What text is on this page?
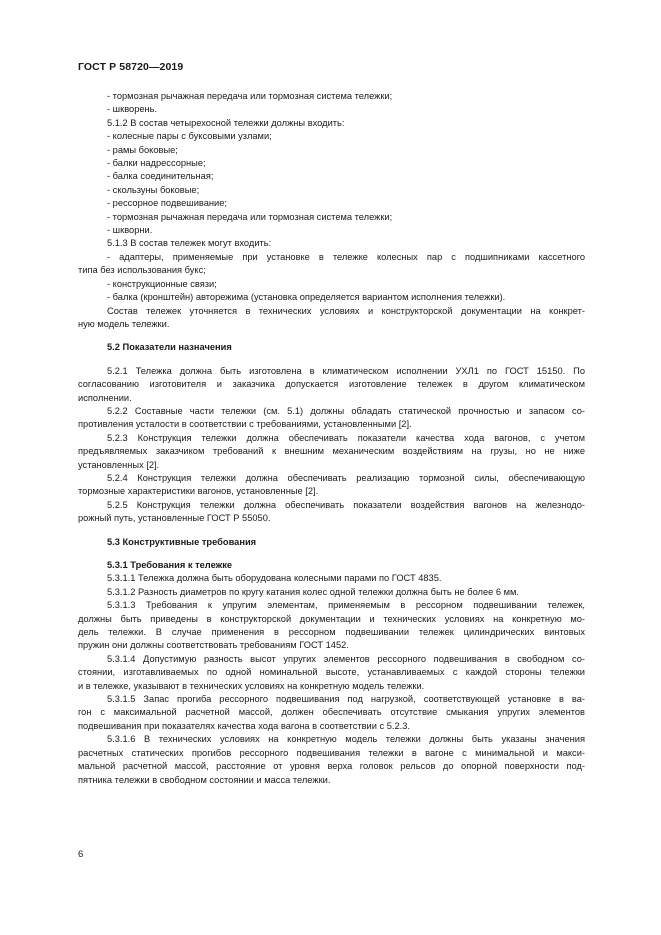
ГОСТ Р 58720—2019
- тормозная рычажная передача или тормозная система тележки;
- шкворень.
5.1.2 В состав четырехосной тележки должны входить:
- колесные пары с буксовыми узлами;
- рамы боковые;
- балки надрессорные;
- балка соединительная;
- скользуны боковые;
- рессорное подвешивание;
- тормозная рычажная передача или тормозная система тележки;
- шкворни.
5.1.3 В состав тележек могут входить:
- адаптеры, применяемые при установке в тележке колесных пар с подшипниками кассетного
типа без использования букс;
- конструкционные связи;
- балка (кронштейн) авторежима (установка определяется вариантом исполнения тележки).
Состав тележек уточняется в технических условиях и конструкторской документации на конкрет-
ную модель тележки.
5.2 Показатели назначения
5.2.1 Тележка должна быть изготовлена в климатическом исполнении УХЛ1 по ГОСТ 15150. По
согласованию изготовителя и заказчика допускается изготовление тележек в другом климатическом
исполнении.
5.2.2 Составные части тележки (см. 5.1) должны обладать статической прочностью и запасом со-
противления усталости в соответствии с требованиями, установленными [2].
5.2.3 Конструкция тележки должна обеспечивать показатели качества хода вагонов, с учетом
предъявляемых заказчиком требований к внешним механическим воздействиям на грузы, но не ниже
установленных [2].
5.2.4 Конструкция тележки должна обеспечивать реализацию тормозной силы, обеспечивающую
тормозные характеристики вагонов, установленные [2].
5.2.5 Конструкция тележки должна обеспечивать показатели воздействия вагонов на железнодо-
рожный путь, установленные ГОСТ Р 55050.
5.3 Конструктивные требования
5.3.1 Требования к тележке
5.3.1.1 Тележка должна быть оборудована колесными парами по ГОСТ 4835.
5.3.1.2 Разность диаметров по кругу катания колес одной тележки должна быть не более 6 мм.
5.3.1.3 Требования к упругим элементам, применяемым в рессорном подвешивании тележек,
должны быть приведены в конструкторской документации и технических условиях на конкретную мо-
дель тележки. В случае применения в рессорном подвешивании тележек цилиндрических винтовых
пружин они должны соответствовать требованиям ГОСТ 1452.
5.3.1.4 Допустимую разность высот упругих элементов рессорного подвешивания в свободном со-
стоянии, изготавливаемых по одной номинальной высоте, устанавливаемых с каждой стороны тележки
и в тележке, указывают в технических условиях на конкретную модель тележки.
5.3.1.5 Запас прогиба рессорного подвешивания под нагрузкой, соответствующей установке в ва-
гон с максимальной расчетной массой, должен обеспечивать отсутствие смыкания упругих элементов
подвешивания при показателях качества хода вагона в соответствии с 5.2.3.
5.3.1.6 В технических условиях на конкретную модель тележки должны быть указаны значения
расчетных статических прогибов рессорного подвешивания тележки в вагоне с минимальной и макси-
мальной расчетной массой, расстояние от уровня верха головок рельсов до опорной поверхности под-
пятника тележки в свободном состоянии и масса тележки.
6
